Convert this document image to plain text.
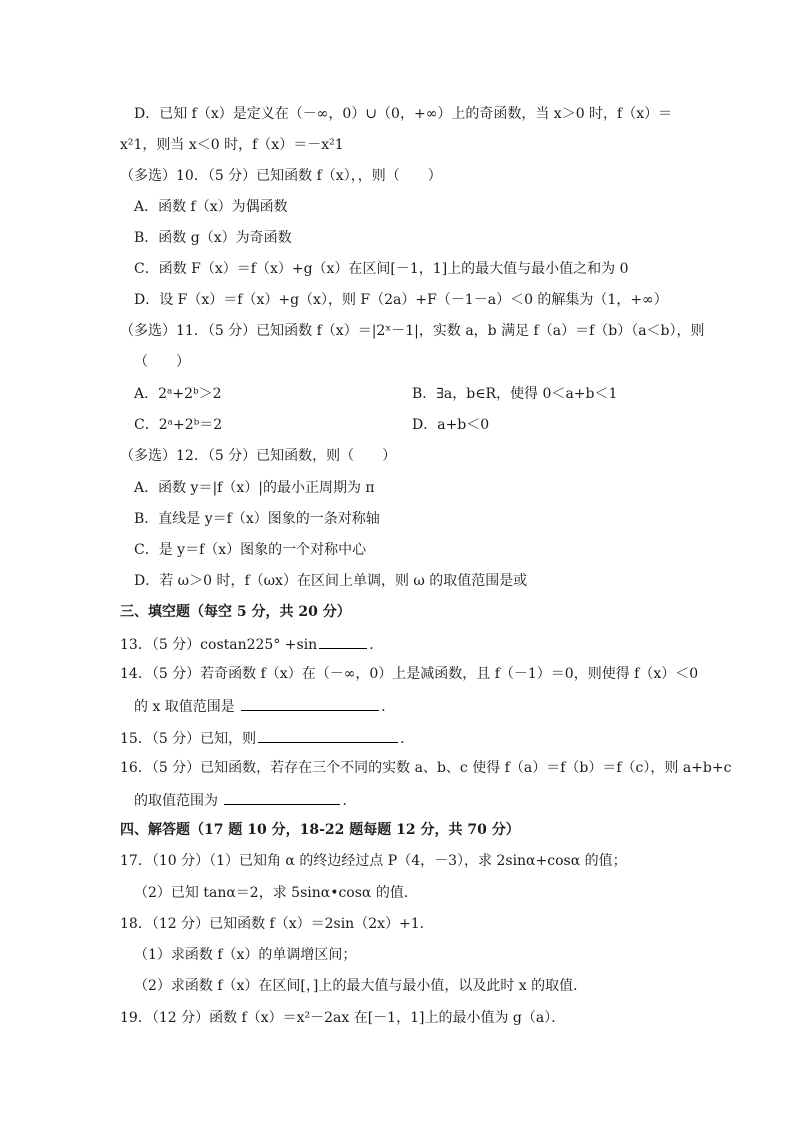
D．已知 f（x）是定义在（－∞，0）∪（0，+∞）上的奇函数，当 x＞0 时，f（x）＝
x²1，则当 x＜0 时，f（x）＝－x²1
（多选）10．（5 分）已知函数 f（x），，则（　　）
A．函数 f（x）为偶函数
B．函数 g（x）为奇函数
C．函数 F（x）＝f（x）+g（x）在区间[－1，1]上的最大值与最小值之和为 0
D．设 F（x）＝f（x）+g（x），则 F（2a）+F（－1－a）＜0 的解集为（1，+∞）
（多选）11．（5 分）已知函数 f（x）＝|2ˣ－1|，实数 a，b 满足 f（a）＝f（b）（a＜b），则
（　　）
A．2ᵃ+2ᵇ＞2	B．∃a，b∈R，使得 0＜a+b＜1
C．2ᵃ+2ᵇ＝2	D．a+b＜0
（多选）12．（5 分）已知函数，则（　　）
A．函数 y＝|f（x）|的最小正周期为 π
B．直线是 y＝f（x）图象的一条对称轴
C．是 y＝f（x）图象的一个对称中心
D．若 ω＞0 时，f（ωx）在区间上单调，则 ω 的取值范围是或
三、填空题（每空 5 分，共 20 分）
13．（5 分）costan225° +sin	．
14．（5 分）若奇函数 f（x）在（－∞，0）上是减函数，且 f（－1）＝0，则使得 f（x）＜0
的 x 取值范围是	．
15．（5 分）已知，则	．
16．（5 分）已知函数，若存在三个不同的实数 a、b、c 使得 f（a）＝f（b）＝f（c），则 a+b+c
的取值范围为	．
四、解答题（17 题 10 分，18-22 题每题 12 分，共 70 分）
17．（10 分）（1）已知角 α 的终边经过点 P（4，－3），求 2sinα+cosα 的值；
（2）已知 tanα＝2，求 5sinα•cosα 的值．
18．（12 分）已知函数 f（x）＝2sin（2x）+1．
（1）求函数 f（x）的单调增区间；
（2）求函数 f（x）在区间[，]上的最大值与最小值，以及此时 x 的取值．
19．（12 分）函数 f（x）＝x²－2ax 在[－1，1]上的最小值为 g（a）．
